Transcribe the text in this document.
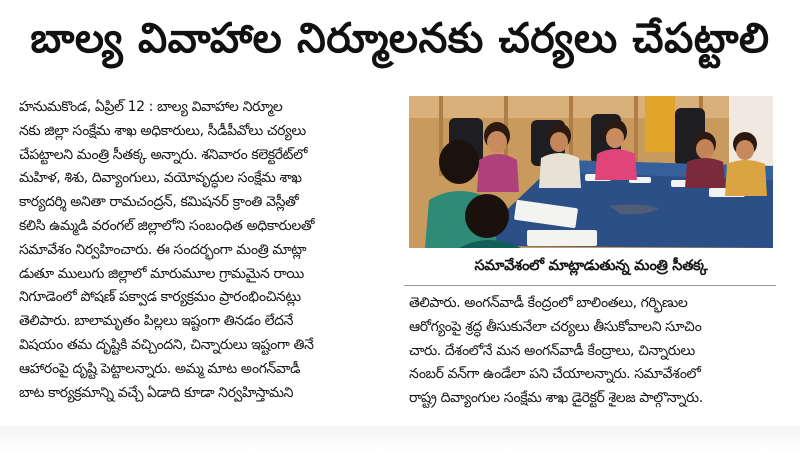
బాల్య వివాహాల నిర్మూలనకు చర్యలు చేపట్టాలి

హనుమకొండ, ఏప్రిల్ 12 : బాల్య వివాహాల నిర్మూల

నకు జిల్లా సంక్షేమ శాఖ అధికారులు, సీడీపీవోలు చర్యలు

చేపట్టాలని మంత్రి సీతక్క అన్నారు. శనివారం కలెక్టరేట్‌లో

మహిళ, శిశు, దివ్యాంగులు, వయోవృద్ధుల సంక్షేమ శాఖ

కార్యదర్శి అనితా రామచంద్రన్, కమిషనర్ క్రాంతి వెస్లీతో

కలిసి ఉమ్మడి వరంగల్ జిల్లాలోని సంబంధిత అధికారులతో

సమావేశం నిర్వహించారు. ఈ సందర్భంగా మంత్రి మాట్లా

డుతూ ములుగు జిల్లాలో మారుమూల గ్రామమైన రాయి

నిగూడెంలో పోషణ్ పక్వాడ కార్యక్రమం ప్రారంభించినట్లు

తెలిపారు. బాలామృతం పిల్లలు ఇష్టంగా తినడం లేదనే

విషయం తమ దృష్టికి వచ్చిందని, చిన్నారులు ఇష్టంగా తినే

ఆహారంపై దృష్టి పెట్టాలన్నారు. అమ్మ మాట అంగన్‌వాడీ

బాట కార్యక్రమాన్ని వచ్చే ఏడాది కూడా నిర్వహిస్తామని

సమావేశంలో మాట్లాడుతున్న మంత్రి సీతక్క

తెలిపారు. అంగన్‌వాడీ కేంద్రంలో బాలింతలు, గర్భిణుల

ఆరోగ్యంపై శ్రద్ధ తీసుకునేలా చర్యలు తీసుకోవాలని సూచిం

చారు. దేశంలోనే మన అంగన్‌వాడీ కేంద్రాలు, చిన్నారులు

నంబర్ వన్‌గా ఉండేలా పని చేయాలన్నారు. సమావేశంలో

రాష్ట్ర దివ్యాంగుల సంక్షేమ శాఖ డైరెక్టర్ శైలజ పాల్గొన్నారు.
